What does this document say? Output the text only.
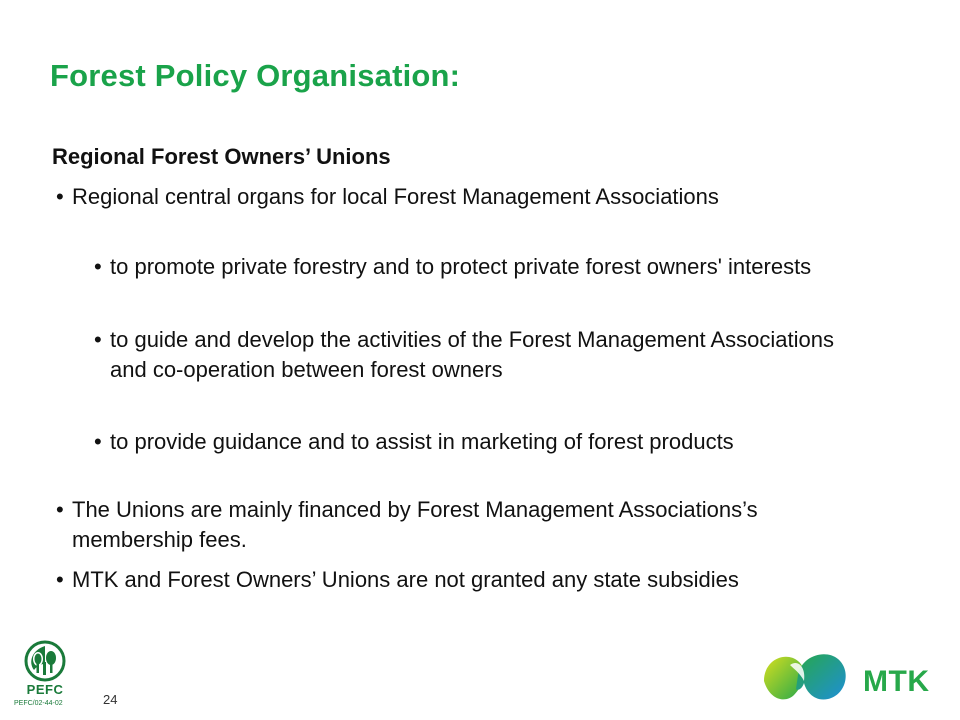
Forest Policy Organisation:
Regional Forest Owners’ Unions
• Regional central organs for local Forest Management Associations
• to promote private forestry and to protect private forest owners' interests
• to guide and develop the activities of the Forest Management Associations and co-operation between forest owners
• to provide guidance and to assist in marketing of forest products
• The Unions are mainly financed by Forest Management Associations’s membership fees.
• MTK and Forest Owners’ Unions are not granted any state subsidies
PEFC
PEFC/02-44-02	24
MTK
